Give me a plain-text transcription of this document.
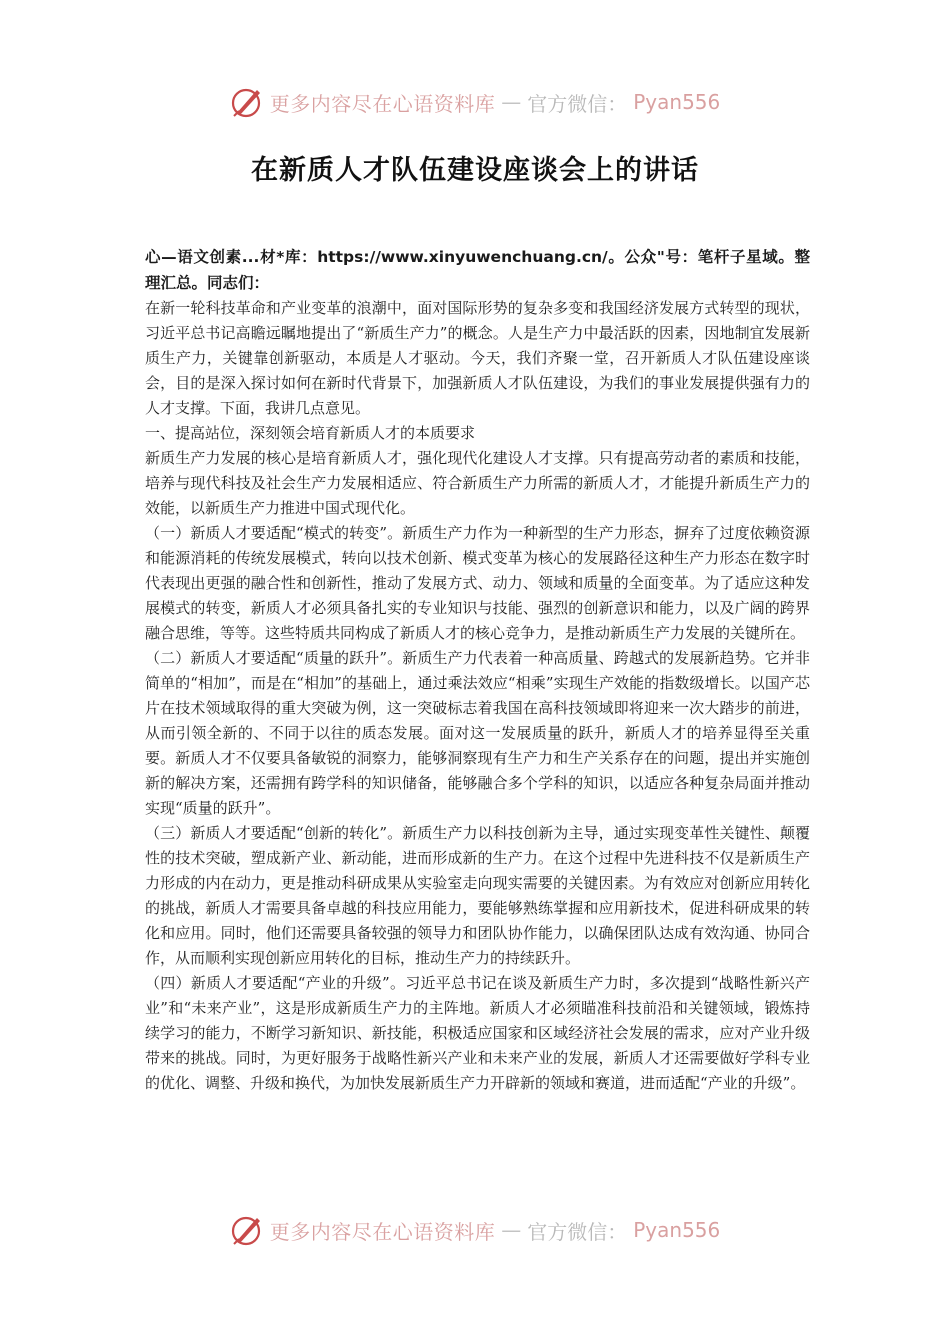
更多内容尽在心语资料库 — 官方微信： Pyan556
在新质人才队伍建设座谈会上的讲话

心—语文创素...材*库：https://www.xinyuwenchuang.cn/。公众"号：笔杆子星域。整理汇总。同志们：

在新一轮科技革命和产业变革的浪潮中，面对国际形势的复杂多变和我国经济发展方式转型的现状，习近平总书记高瞻远瞩地提出了“新质生产力”的概念。人是生产力中最活跃的因素，因地制宜发展新质生产力，关键靠创新驱动，本质是人才驱动。今天，我们齐聚一堂，召开新质人才队伍建设座谈会，目的是深入探讨如何在新时代背景下，加强新质人才队伍建设，为我们的事业发展提供强有力的人才支撑。下面，我讲几点意见。

一、提高站位，深刻领会培育新质人才的本质要求

新质生产力发展的核心是培育新质人才，强化现代化建设人才支撑。只有提高劳动者的素质和技能，培养与现代科技及社会生产力发展相适应、符合新质生产力所需的新质人才，才能提升新质生产力的效能，以新质生产力推进中国式现代化。

（一）新质人才要适配“模式的转变”。新质生产力作为一种新型的生产力形态，摒弃了过度依赖资源和能源消耗的传统发展模式，转向以技术创新、模式变革为核心的发展路径这种生产力形态在数字时代表现出更强的融合性和创新性，推动了发展方式、动力、领域和质量的全面变革。为了适应这种发展模式的转变，新质人才必须具备扎实的专业知识与技能、强烈的创新意识和能力，以及广阔的跨界融合思维，等等。这些特质共同构成了新质人才的核心竞争力，是推动新质生产力发展的关键所在。

（二）新质人才要适配“质量的跃升”。新质生产力代表着一种高质量、跨越式的发展新趋势。它并非简单的“相加”，而是在“相加”的基础上，通过乘法效应“相乘”实现生产效能的指数级增长。以国产芯片在技术领域取得的重大突破为例，这一突破标志着我国在高科技领域即将迎来一次大踏步的前进，从而引领全新的、不同于以往的质态发展。面对这一发展质量的跃升，新质人才的培养显得至关重要。新质人才不仅要具备敏锐的洞察力，能够洞察现有生产力和生产关系存在的问题，提出并实施创新的解决方案，还需拥有跨学科的知识储备，能够融合多个学科的知识，以适应各种复杂局面并推动实现“质量的跃升”。

（三）新质人才要适配“创新的转化”。新质生产力以科技创新为主导，通过实现变革性关键性、颠覆性的技术突破，塑成新产业、新动能，进而形成新的生产力。在这个过程中先进科技不仅是新质生产力形成的内在动力，更是推动科研成果从实验室走向现实需要的关键因素。为有效应对创新应用转化的挑战，新质人才需要具备卓越的科技应用能力，要能够熟练掌握和应用新技术，促进科研成果的转化和应用。同时，他们还需要具备较强的领导力和团队协作能力，以确保团队达成有效沟通、协同合作，从而顺利实现创新应用转化的目标，推动生产力的持续跃升。

（四）新质人才要适配“产业的升级”。习近平总书记在谈及新质生产力时，多次提到“战略性新兴产业”和“未来产业”，这是形成新质生产力的主阵地。新质人才必须瞄准科技前沿和关键领域，锻炼持续学习的能力，不断学习新知识、新技能，积极适应国家和区域经济社会发展的需求，应对产业升级带来的挑战。同时，为更好服务于战略性新兴产业和未来产业的发展，新质人才还需要做好学科专业的优化、调整、升级和换代，为加快发展新质生产力开辟新的领域和赛道，进而适配“产业的升级”。

更多内容尽在心语资料库 — 官方微信： Pyan556
